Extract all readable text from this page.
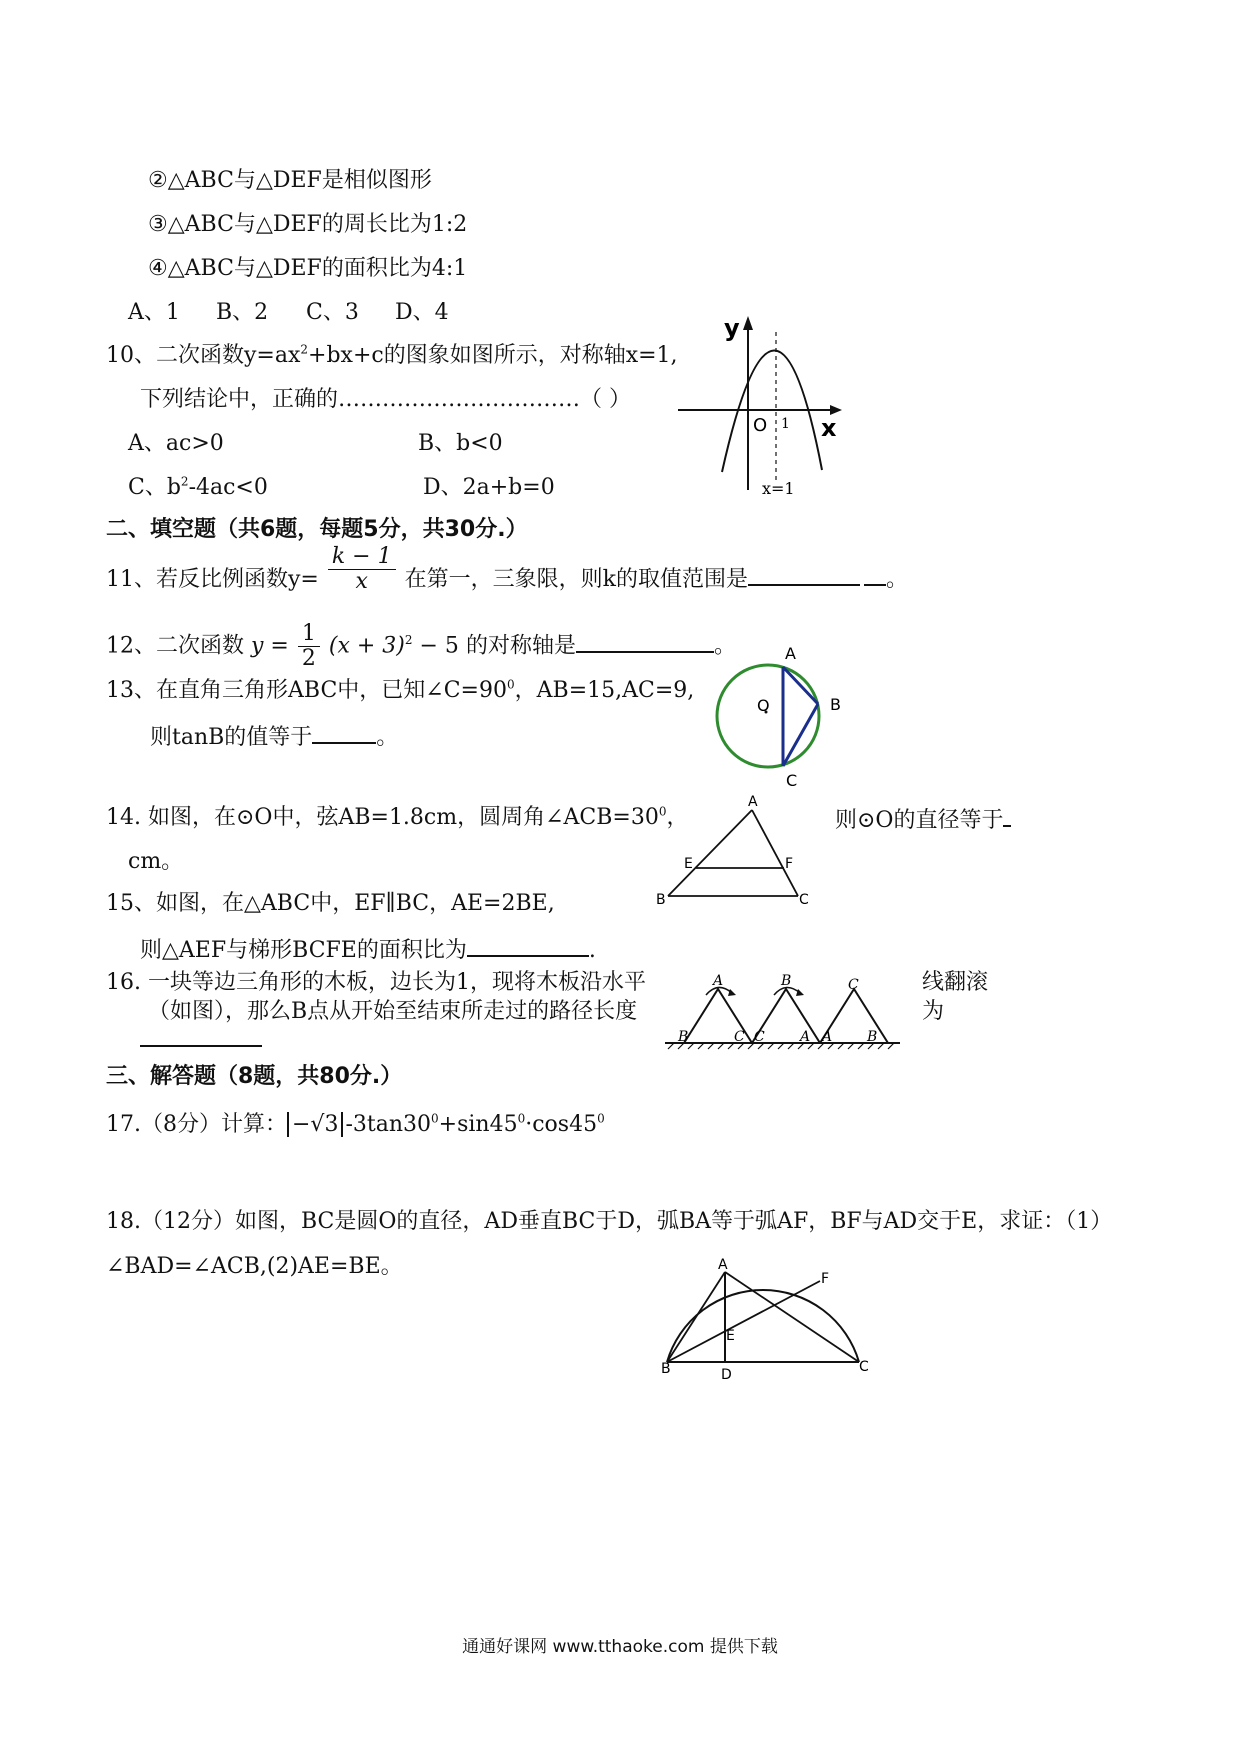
②△ABC与△DEF是相似图形
③△ABC与△DEF的周长比为1:2
④△ABC与△DEF的面积比为4:1
A、1 B、2 C、3 D、4
10、二次函数$y=ax^2+bx+c$的图象如图所示，对称轴x=1,
下列结论中，正确的……………………………（ ）
A、ac>0	B、b<0
C、$b^2-4ac<0$	D、2a+b=0
y
x
O 1
x=1
二、填空题（共6题，每题5分，共30分.）
11、若反比例函数$y= \frac{k - 1}{x}$ 在第一，三象限，则k的取值范围是	。
12、二次函数 $y = \frac{1}{2} (x + 3)^2 - 5$ 的对称轴是	。
13、在直角三角形ABC中，已知$\angle C=90^0$，AB=15,AC=9,
则tanB的值等于	。
A
B
C
O
14. 如图，在⊙O中，弦AB=1.8cm，圆周角$\angle ACB=30^0$，	则⊙O的直径等于
cm。
A
B	C
E	F
15、如图，在△ABC中，EF∥BC，AE=2BE,
则△AEF与梯形BCFE的面积比为	.
16. 一块等边三角形的木板，边长为1，现将木板沿水平	线翻滚
（如图），那么B点从开始至结束所走过的路径长度	为
A
B	C
B
C	A
C
A B
三、解答题（8题，共80分.）
17.（8分）计算： −√3 $-3\tan 30^0+\sin 45^0\cdot\cos 45^0$
18.（12分）如图，BC是圆O的直径，AD垂直BC于D，弧BA等于弧AF，BF与AD交于E，求证：（1）
∠BAD=∠ACB,(2)AE=BE。	A
B	C
D
E
F
通通好课网 www.tthaoke.com 提供下载
